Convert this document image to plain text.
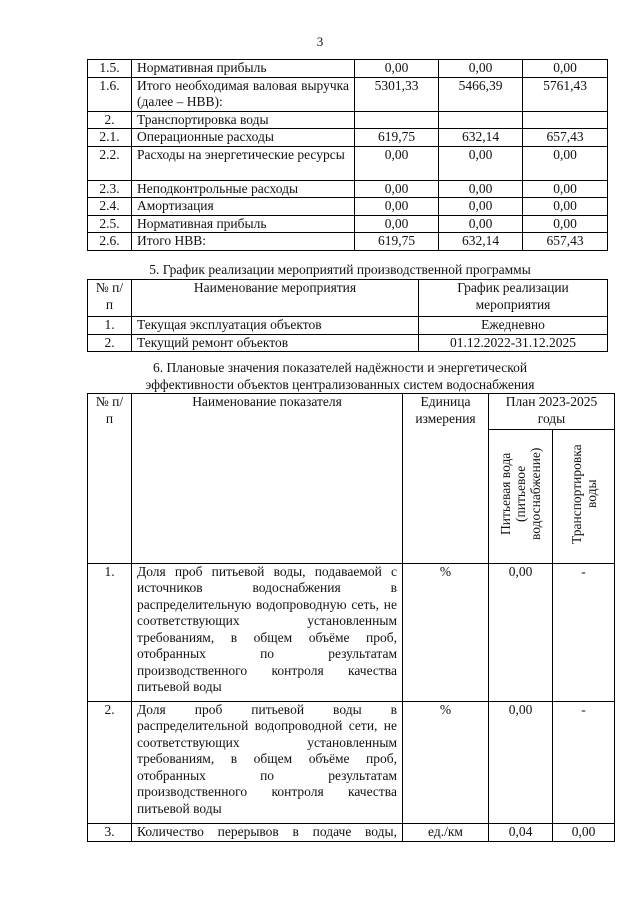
3
1.5.	Нормативная прибыль	0,00	0,00	0,00
1.6.	Итого необходимая валовая выручка (далее – НВВ):	5301,33	5466,39	5761,43
2.	Транспортировка воды			
2.1.	Операционные расходы	619,75	632,14	657,43
2.2.	Расходы на энергетические ресурсы	0,00	0,00	0,00
2.3.	Неподконтрольные расходы	0,00	0,00	0,00
2.4.	Амортизация	0,00	0,00	0,00
2.5.	Нормативная прибыль	0,00	0,00	0,00
2.6.	Итого НВВ:	619,75	632,14	657,43
5. График реализации мероприятий производственной программы
№ п/п	Наименование мероприятия	График реализации мероприятия
1.	Текущая эксплуатация объектов	Ежедневно
2.	Текущий ремонт объектов	01.12.2022-31.12.2025
6. Плановые значения показателей надёжности и энергетической
эффективности объектов централизованных систем водоснабжения
№ п/п	Наименование показателя	Единица измерения	План 2023-2025 годы	
			Питьевая вода (питьевое водоснабжение)	Транспортировка воды
1.	Доля проб питьевой воды, подаваемой с источников водоснабжения в распределительную водопроводную сеть, не соответствующих установленным требованиям, в общем объёме проб, отобранных по результатам производственного контроля качества питьевой воды	%	0,00	-
2.	Доля проб питьевой воды в распределительной водопроводной сети, не соответствующих установленным требованиям, в общем объёме проб, отобранных по результатам производственного контроля качества питьевой воды	%	0,00	-
3.	Количество перерывов в подаче воды,	ед./км	0,04	0,00
